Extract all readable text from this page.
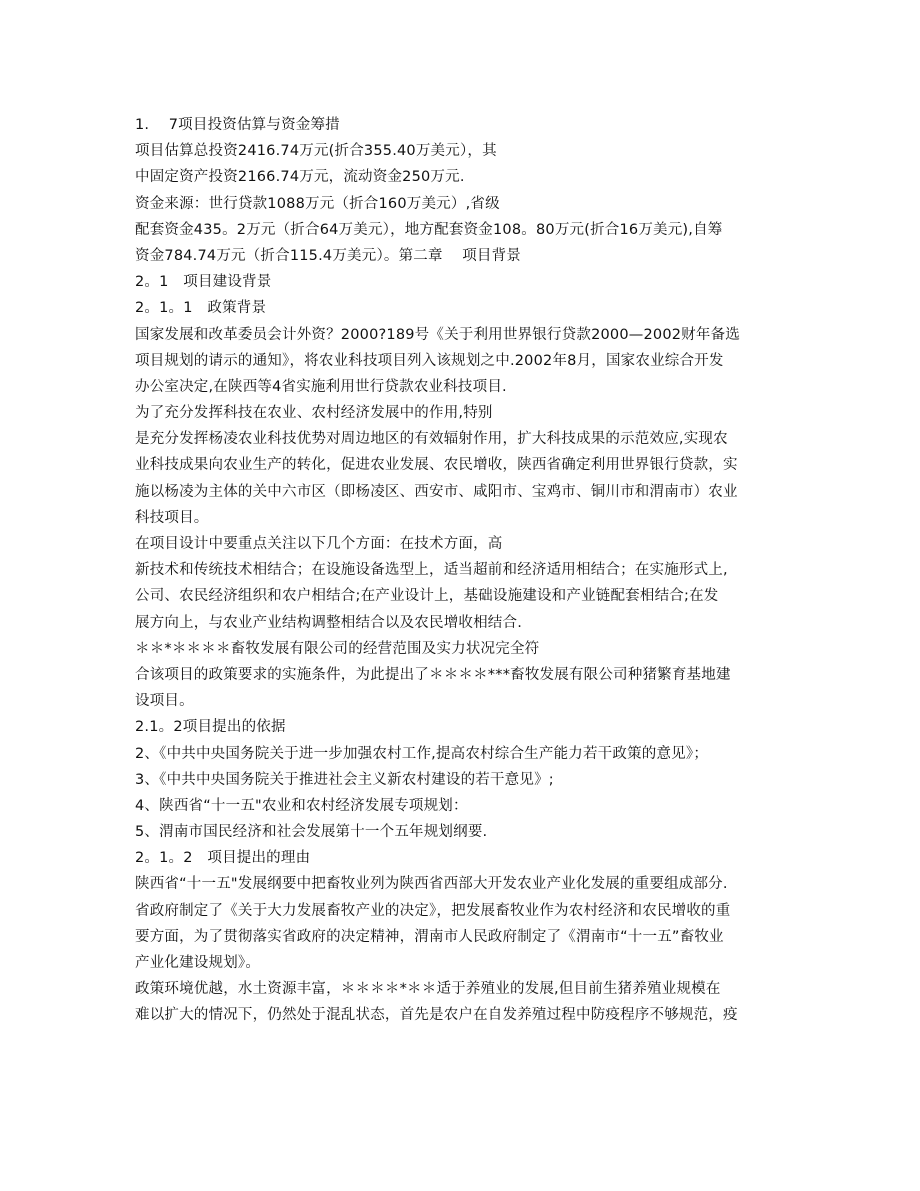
1.　 7项目投资估算与资金筹措
项目估算总投资2416.74万元(折合355.40万美元），其
中固定资产投资2166.74万元，流动资金250万元.
资金来源：世行贷款1088万元（折合160万美元）,省级
配套资金435。2万元（折合64万美元），地方配套资金108。80万元(折合16万美元),自筹
资金784.74万元（折合115.4万美元）。第二章　 项目背景
2。1　项目建设背景
2。1。1　政策背景
国家发展和改革委员会计外资？2000?189号《关于利用世界银行贷款2000—2002财年备选
项目规划的请示的通知》，将农业科技项目列入该规划之中.2002年8月，国家农业综合开发
办公室决定,在陕西等4省实施利用世行贷款农业科技项目.
为了充分发挥科技在农业、农村经济发展中的作用,特别
是充分发挥杨凌农业科技优势对周边地区的有效辐射作用，扩大科技成果的示范效应,实现农
业科技成果向农业生产的转化，促进农业发展、农民增收，陕西省确定利用世界银行贷款，实
施以杨凌为主体的关中六市区（即杨凌区、西安市、咸阳市、宝鸡市、铜川市和渭南市）农业
科技项目。
在项目设计中要重点关注以下几个方面：在技术方面，高
新技术和传统技术相结合；在设施设备选型上，适当超前和经济适用相结合；在实施形式上,
公司、农民经济组织和农户相结合;在产业设计上，基础设施建设和产业链配套相结合;在发
展方向上，与农业产业结构调整相结合以及农民增收相结合.
＊＊*＊＊＊＊畜牧发展有限公司的经营范围及实力状况完全符
合该项目的政策要求的实施条件，为此提出了＊＊＊＊***畜牧发展有限公司种猪繁育基地建
设项目。
2.1。2项目提出的依据
2、《中共中央国务院关于进一步加强农村工作,提高农村综合生产能力若干政策的意见》；
3、《中共中央国务院关于推进社会主义新农村建设的若干意见》;
4、陕西省“十一五"农业和农村经济发展专项规划：
5、渭南市国民经济和社会发展第十一个五年规划纲要.
2。1。2　项目提出的理由
陕西省“十一五"发展纲要中把畜牧业列为陕西省西部大开发农业产业化发展的重要组成部分.
省政府制定了《关于大力发展畜牧产业的决定》，把发展畜牧业作为农村经济和农民增收的重
要方面，为了贯彻落实省政府的决定精神，渭南市人民政府制定了《渭南市“十一五”畜牧业
产业化建设规划》。
政策环境优越，水土资源丰富，＊＊＊＊*＊＊适于养殖业的发展,但目前生猪养殖业规模在
难以扩大的情况下，仍然处于混乱状态，首先是农户在自发养殖过程中防疫程序不够规范，疫
